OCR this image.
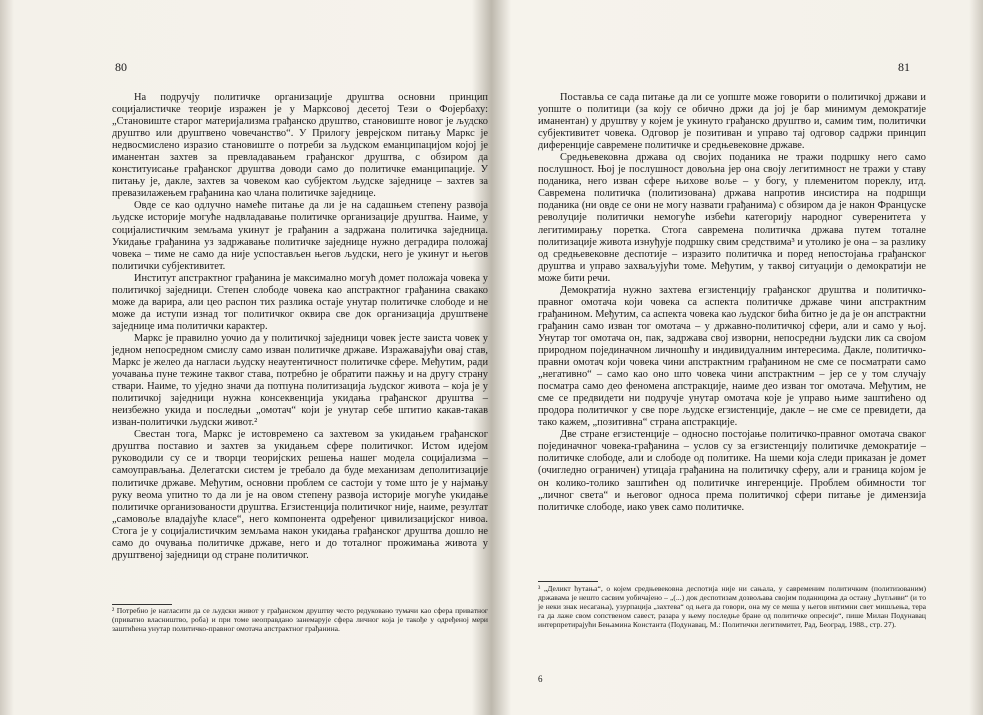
80

На подручју политичке организације друштва основни принцип социјалистичке теорије изражен је у Марксовој десетој Тези о Фојербаху: „Становиште старог материјализма грађанско друштво, становиште новог је људско друштво или друштвено човечанство“. У Прилогу јеврејском питању Маркс је недвосмислено изразио становиште о потреби за људском еманципацијом којој је иманентан захтев за превладавањем грађанског друштва, с обзиром да конституисање грађанског друштва доводи само до политичке еманципације. У питању је, дакле, захтев за човеком као субјектом људске заједнице – захтев за превазилажењем грађанина као члана политичке заједнице.

Овде се као одлучно намеће питање да ли је на садашњем степену развоја људске историје могуће надвладавање политичке организације друштва. Наиме, у социјалистичким земљама укинут је грађанин а задржана политичка заједница. Укидање грађанина уз задржавање политичке заједнице нужно деградира положај човека – тиме не само да није успостављен његов људски, него је укинут и његов политички субјективитет.

Институт апстрактног грађанина је максимално могућ домет положаја човека у политичкој заједници. Степен слободе човека као апстрактног грађанина свакако може да варира, али цео распон тих разлика остаје унутар политичке слободе и не може да иступи изнад тог политичког оквира све док организација друштвене заједнице има политички карактер.

Маркс је правилно уочио да у политичкој заједници човек јесте заиста човек у једном непосредном смислу само изван политичке државе. Изражавајући овај став, Маркс је желео да нагласи људску неаутентичност политичке сфере. Међутим, ради уочавања пуне тежине таквог става, потребно је обратити пажњу и на другу страну ствари. Наиме, то уједно значи да потпуна политизација људског живота – која је у политичкој заједници нужна консеквенција укидања грађанског друштва – неизбежно укида и последњи „омотач“ који је унутар себе штитио какав-такав изван-политички људски живот.²

Свестан тога, Маркс је истовремено са захтевом за укидањем грађанског друштва поставио и захтев за укидањем сфере политичког. Истом идејом руководили су се и творци теоријских решења нашег модела социјализма – самоуправљања. Делегатски систем је требало да буде механизам деполитизације политичке државе. Међутим, основни проблем се састоји у томе што је у најмању руку веома упитно то да ли је на овом степену развоја историје могуће укидање политичке организованости друштва. Егзистенција политичког није, наиме, резултат „самовоље владајуће класе“, него компонента одређеног цивилизацијског нивоа. Стога је у социјалистичким земљама након укидања грађанског друштва дошло не само до очувања политичке државе, него и до тоталног прожимања живота у друштвеној заједници од стране политичког.

² Потребно је нагласити да се људски живот у грађанском друштву често редуковано тумачи као сфера приватног (приватно власништво, роба) и при томе неоправдано занемарује сфера личног која је такође у одређеној мери заштићена унутар политичко-правног омотача апстрактног грађанина.
81

Постављa се сада питање да ли се уопште може говорити о политичкој држави и уопште о политици (за коју се обично држи да јој је бар минимум демократије иманентан) у друштву у којем је укинуто грађанско друштво и, самим тим, политички субјективитет човека. Одговор је позитиван и управо тај одговор садржи принцип диференције савремене политичке и средњевековне државе.

Средњевековна држава од својих поданика не тражи подршку него само послушност. Њој је послушност довољна јер она своју легитимност не тражи у ставу поданика, него изван сфере њихове воље – у богу, у племенитом пореклу, итд. Савремена политичка (политизована) држава напротив инсистира на подршци поданика (ни овде се они не могу назвати грађанима) с обзиром да је након Француске револуције политички немогуће избећи категорију народног суверенитета у легитимирању поретка. Стога савремена политичка држава путем тоталне политизације живота изнуђује подршку свим средствима³ и утолико је она – за разлику од средњевековне деспотије – изразито политичка и поред непостојања грађанског друштва и управо захваљујући томе. Међутим, у таквој ситуацији о демократији не може бити речи.

Демократија нужно захтева егзистенцију грађанског друштва и политичко-правног омотача који човека са аспекта политичке државе чини апстрактним грађанином. Међутим, са аспекта човека као људског бића битно је да је он апстрактни грађанин само изван тог омотача – у државно-политичкој сфери, али и само у њој. Унутар тог омотача он, пак, задржава свој изворни, непосредни људски лик са својом природном појединачном личношћу и индивидуалним интересима. Дакле, политичко-правни омотач који човека чини апстрактним грађанином не сме се посматрати само „негативно“ – само као оно што човека чини апстрактним – јер се у том случају посматра само део феномена апстракције, наиме део изван тог омотача. Међутим, не сме се предвидети ни подручје унутар омотача које је управо њиме заштићено од продора политичког у све поре људске егзистенције, дакле – не сме се превидети, да тако кажем, „позитивна“ страна апстракције.

Две стране егзистенције – односно постојање политичко-правног омотача сваког појединачног човека-грађанина – услов су за егзистенцију политичке демократије – политичке слободе, али и слободе од политике. На шеми која следи приказан је домет (очигледно ограничен) утицаја грађанина на политичку сферу, али и граница којом је он колико-толико заштићен од политичке ингеренције. Проблем обимности тог „личног света“ и његовог односа према политичкој сфери питање је димензија политичке слободе, иако увек само политичке.

³ „Деликт ћутања“, о којем средњевековна деспотија није ни сањала, у савременим политичким (политизованим) државама је нешто сасвим уобичајено – „(...) док деспотизам дозвољава својим поданицима да остану „ћутљиви“ (и то је неки знак несагања), узурпација „захтева“ од њега да говори, она му се меша у његов интимни свет мишљења, тера га да лаже свом сопственом савест, разара у њему последње бране од политичке опресије“, пише Милан Подунавац интерпретирајући Бењамина Константа (Подунавац, М.: Политички легитимитет, Рад, Београд, 1988., стр. 27).
6
